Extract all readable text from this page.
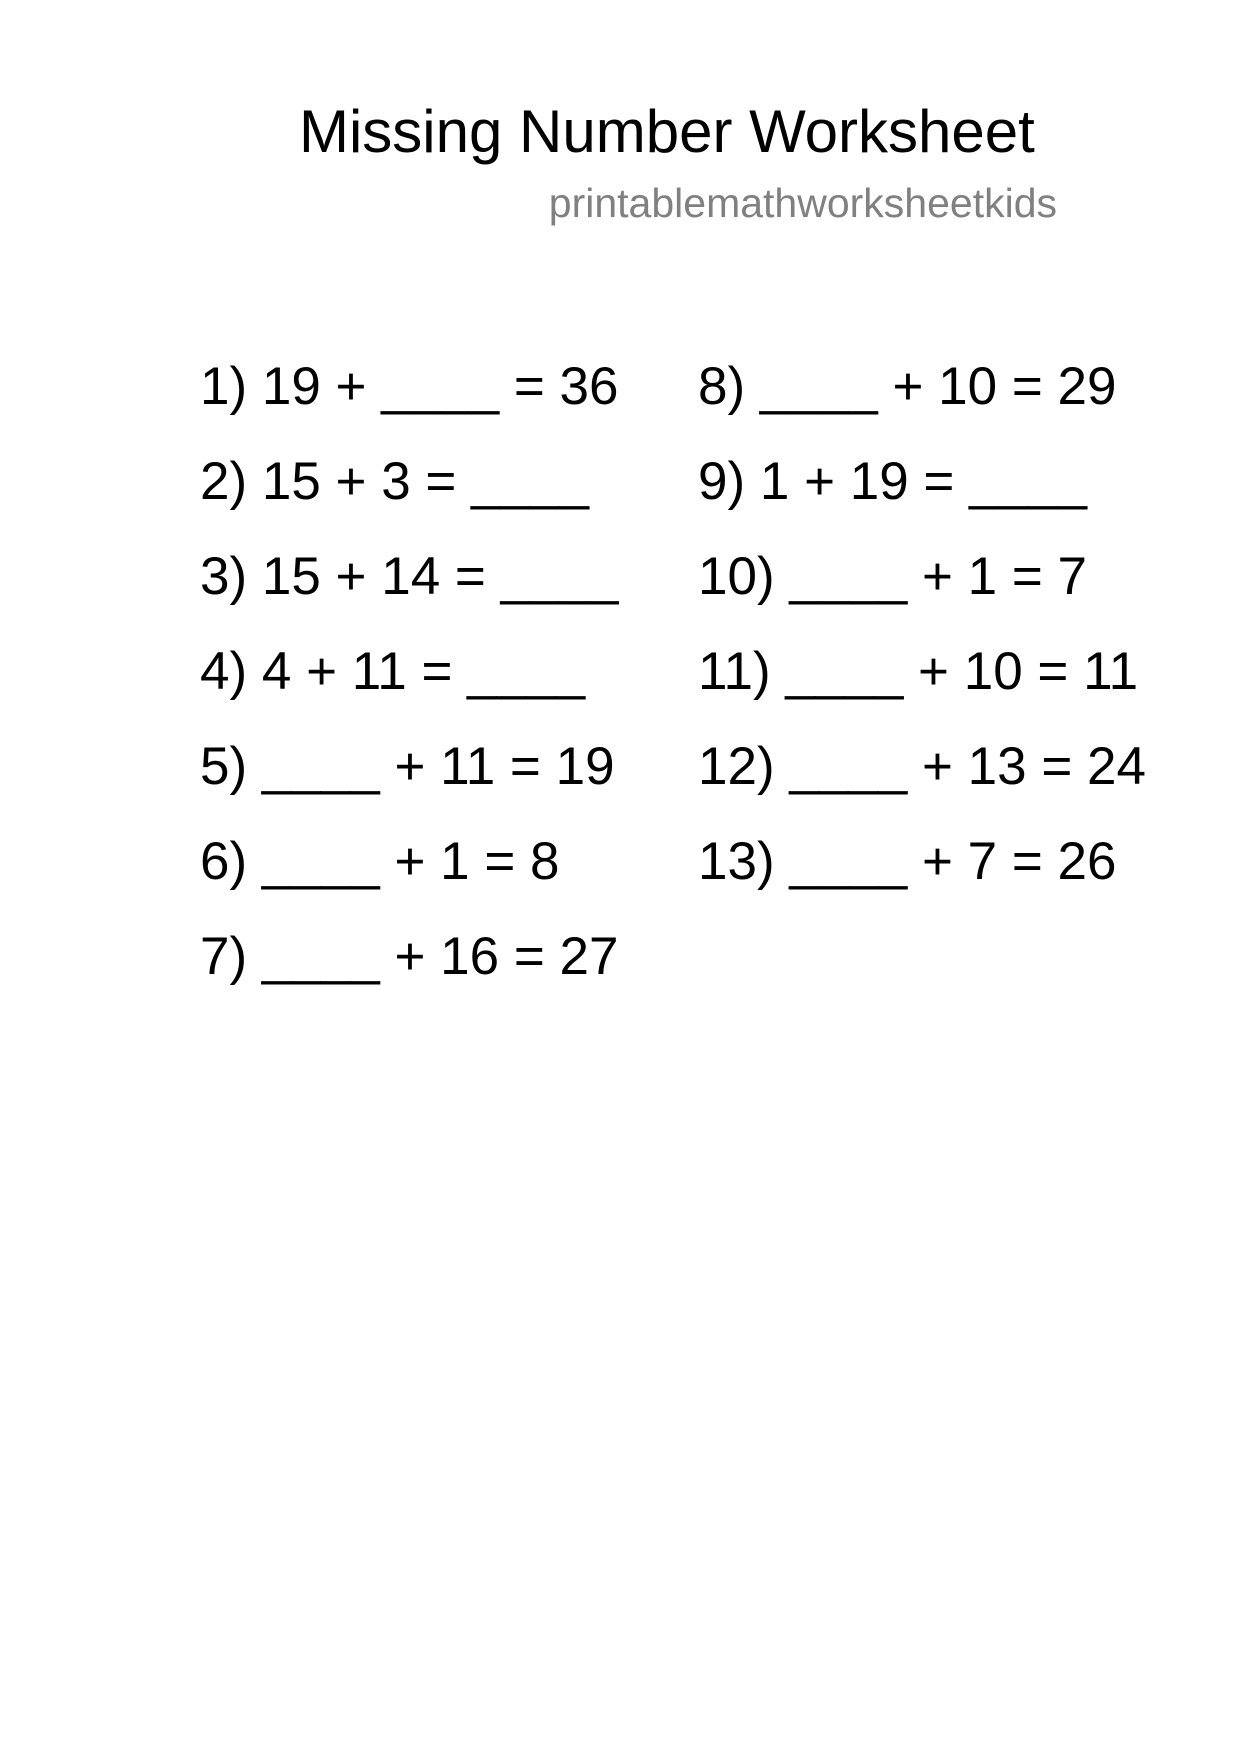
Missing Number Worksheet
printablemathworksheetkids
1) 19 + ____ = 36
2) 15 + 3 = ____
3) 15 + 14 = ____
4) 4 + 11 = ____
5) ____ + 11 = 19
6) ____ + 1 = 8
7) ____ + 16 = 27
8) ____ + 10 = 29
9) 1 + 19 = ____
10) ____ + 1 = 7
11) ____ + 10 = 11
12) ____ + 13 = 24
13) ____ + 7 = 26
